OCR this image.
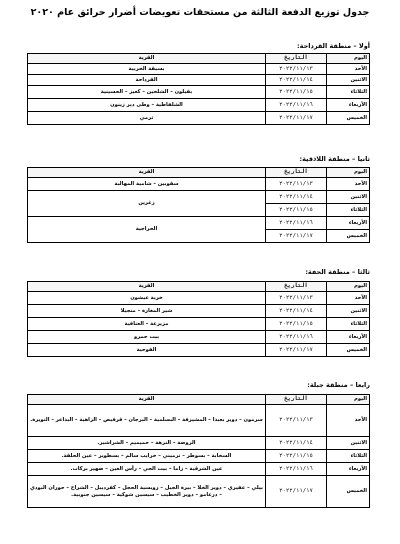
جدول توزيع الدفعة الثالثة من مستحقات تعويضات أضرار حرائق عام ٢٠٢٠
أولا – منطقة القرداحة:
اليوم	التاريخ	القرية
الأحد	٢٠٢٢/١١/١٣	بسيقة الحربية
الاثنين	٢٠٢٢/١١/١٤	القرداحة
الثلاثاء	٢٠٢٢/١١/١٥	بفيلون – الشلحين – كعيز – الحسينية
الأربعاء	٢٠٢٢/١١/١٦	الشلفاطية – وطى دير زينون
الخميس	٢٠٢٢/١١/١٧	ترمي
ثانيا – منطقة اللاذقية:
اليوم	التاريخ	القرية
الأحد	٢٠٢٢/١١/١٣	سقوبين – شامية المهالبة
الاثنين	٢٠٢٢/١١/١٤	زغرين
الثلاثاء	٢٠٢٢/١١/١٥	
الأربعاء	٢٠٢٢/١١/١٦	الحراجية
الخميس	٢٠٢٢/١١/١٧	
ثالثا – منطقة الحفة:
اليوم	التاريخ	القرية
الأحد	٢٠٢٢/١١/١٣	خربة عيشون
الاثنين	٢٠٢٢/١١/١٤	شير المغارة – منجيلا
الثلاثاء	٢٠٢٢/١١/١٥	مزيرعة – العنافية
الأربعاء	٢٠٢٢/١١/١٦	بيت حمرو
الخميس	٢٠٢٢/١١/١٧	الفوحية
رابعا – منطقة جبلة:
اليوم	التاريخ	القرية
الأحد	٢٠٢٢/١١/١٣	سرمون – دوير بعبدا – المشيرفة – البسلمية – البرجان – قرفيص – الزاهية – البداعر – النويرة.
الاثنين	٢٠٢٢/١١/١٤	الروضة – النزهة – حميميم – الشراشير.
الثلاثاء	٢٠٢٢/١١/١٥	السخابة – بسوطر – ترميني – خرايب سالم – بسطوير – عين الحلقة.
الأربعاء	٢٠٢٢/١١/١٦	عين الشرقية – زاما – بيت الجي – رأس العين – ضهير بركات.
الخميس	٢٠٢٢/١١/١٧	بيلي – عفيري – دوير الخلا – بيرة الجبل – روبسية الحجل – كفرديبل – الشراح – حوران البودي – درعامو – دوير الخطيب – سيسين شوكية – سيسين جنوبية.
